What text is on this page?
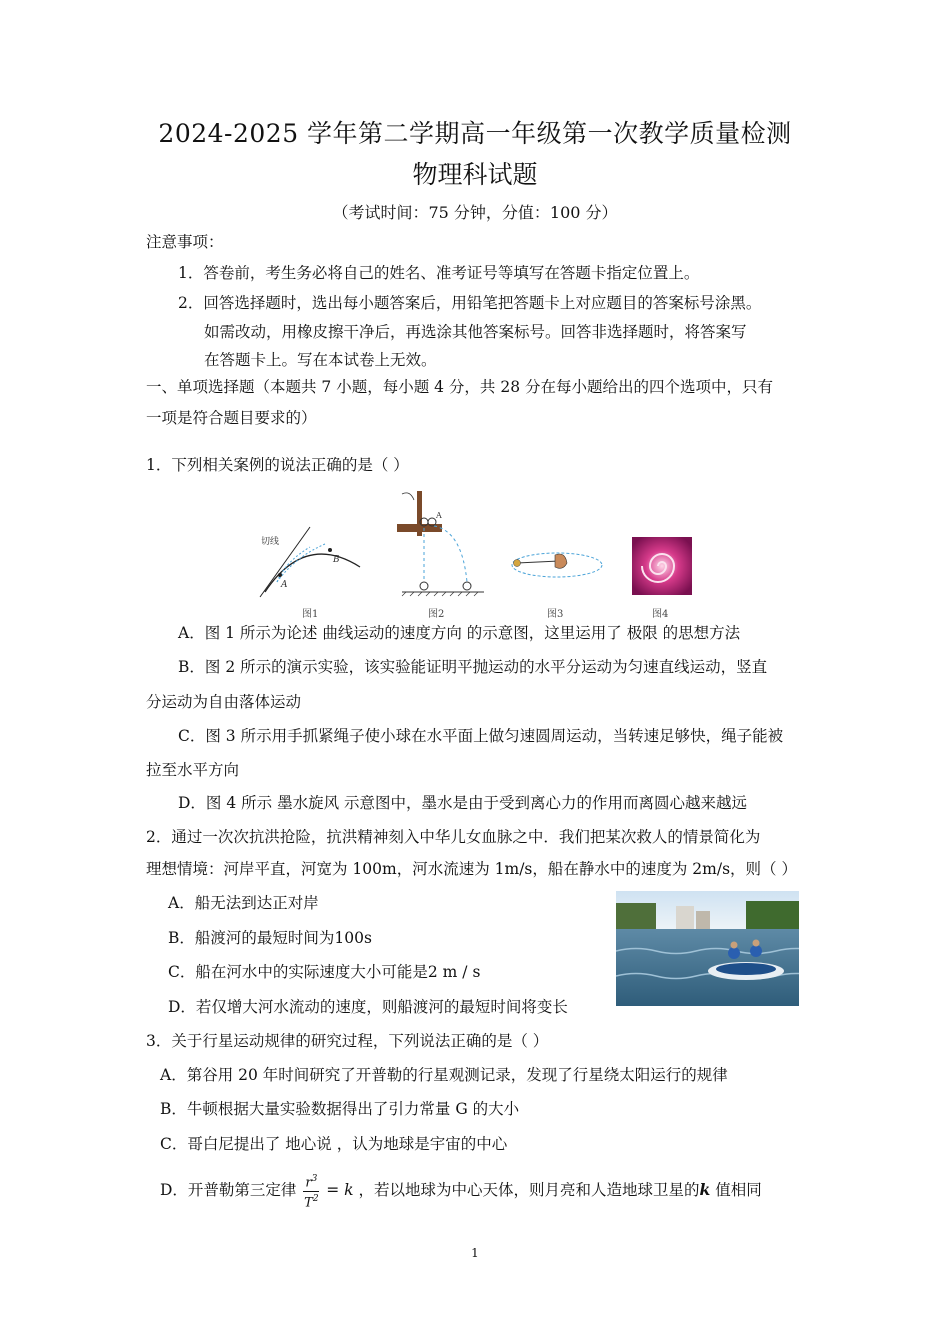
2024-2025 学年第二学期高一年级第一次教学质量检测
物理科试题
（考试时间：75 分钟，分值：100 分）
注意事项：
1．答卷前，考生务必将自己的姓名、准考证号等填写在答题卡指定位置上。
2．回答选择题时，选出每小题答案后，用铅笔把答题卡上对应题目的答案标号涂黑。
如需改动，用橡皮擦干净后，再选涂其他答案标号。回答非选择题时，将答案写
在答题卡上。写在本试卷上无效。
一、单项选择题（本题共 7 小题，每小题 4 分，共 28 分在每小题给出的四个选项中，只有
一项是符合题目要求的）
1．下列相关案例的说法正确的是（ ）
切线
A
B
图1
A
图2	图3	图4
A．图 1 所示为论述 曲线运动的速度方向 的示意图，这里运用了 极限 的思想方法
B．图 2 所示的演示实验，该实验能证明平抛运动的水平分运动为匀速直线运动，竖直
分运动为自由落体运动
C．图 3 所示用手抓紧绳子使小球在水平面上做匀速圆周运动，当转速足够快，绳子能被
拉至水平方向
D．图 4 所示 墨水旋风 示意图中，墨水是由于受到离心力的作用而离圆心越来越远
2．通过一次次抗洪抢险，抗洪精神刻入中华儿女血脉之中．我们把某次救人的情景简化为
理想情境：河岸平直，河宽为 100m，河水流速为 1m/s，船在静水中的速度为 2m/s，则（ ）
A．船无法到达正对岸
B．船渡河的最短时间为100s
C．船在河水中的实际速度大小可能是2 m / s
D．若仅增大河水流动的速度，则船渡河的最短时间将变长
3．关于行星运动规律的研究过程，下列说法正确的是（ ）
A．第谷用 20 年时间研究了开普勒的行星观测记录，发现了行星绕太阳运行的规律
B．牛顿根据大量实验数据得出了引力常量 G 的大小
C．哥白尼提出了 地心说 ，认为地球是宇宙的中心
D．开普勒第三定律 $\frac{r^3}{T^2} = k$ ，若以地球为中心天体，则月亮和人造地球卫星的k 值相同
1
